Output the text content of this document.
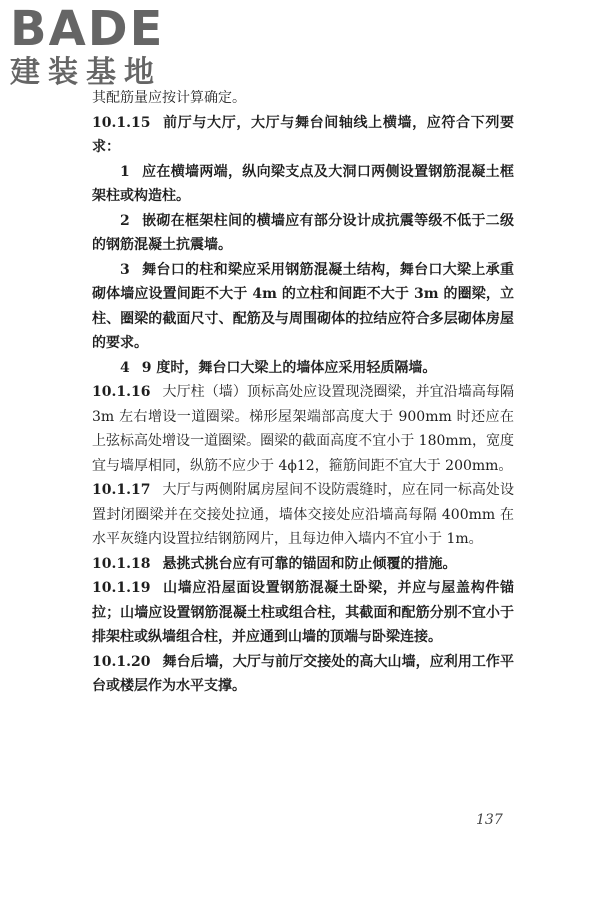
BADE
建装基地

其配筋量应按计算确定。

10.1.15 前厅与大厅，大厅与舞台间轴线上横墙，应符合下列要求：

1 应在横墙两端，纵向梁支点及大洞口两侧设置钢筋混凝土框架柱或构造柱。

2 嵌砌在框架柱间的横墙应有部分设计成抗震等级不低于二级的钢筋混凝土抗震墙。

3 舞台口的柱和梁应采用钢筋混凝土结构，舞台口大梁上承重砌体墙应设置间距不大于 4m 的立柱和间距不大于 3m 的圈梁，立柱、圈梁的截面尺寸、配筋及与周围砌体的拉结应符合多层砌体房屋的要求。

4 9 度时，舞台口大梁上的墙体应采用轻质隔墙。

10.1.16 大厅柱（墙）顶标高处应设置现浇圈梁，并宜沿墙高每隔 3m 左右增设一道圈梁。梯形屋架端部高度大于 900mm 时还应在上弦标高处增设一道圈梁。圈梁的截面高度不宜小于 180mm，宽度宜与墙厚相同，纵筋不应少于 4ϕ12，箍筋间距不宜大于 200mm。

10.1.17 大厅与两侧附属房屋间不设防震缝时，应在同一标高处设置封闭圈梁并在交接处拉通，墙体交接处应沿墙高每隔 400mm 在水平灰缝内设置拉结钢筋网片，且每边伸入墙内不宜小于 1m。

10.1.18 悬挑式挑台应有可靠的锚固和防止倾覆的措施。

10.1.19 山墙应沿屋面设置钢筋混凝土卧梁，并应与屋盖构件锚拉；山墙应设置钢筋混凝土柱或组合柱，其截面和配筋分别不宜小于排架柱或纵墙组合柱，并应通到山墙的顶端与卧梁连接。

10.1.20 舞台后墙，大厅与前厅交接处的高大山墙，应利用工作平台或楼层作为水平支撑。

137
